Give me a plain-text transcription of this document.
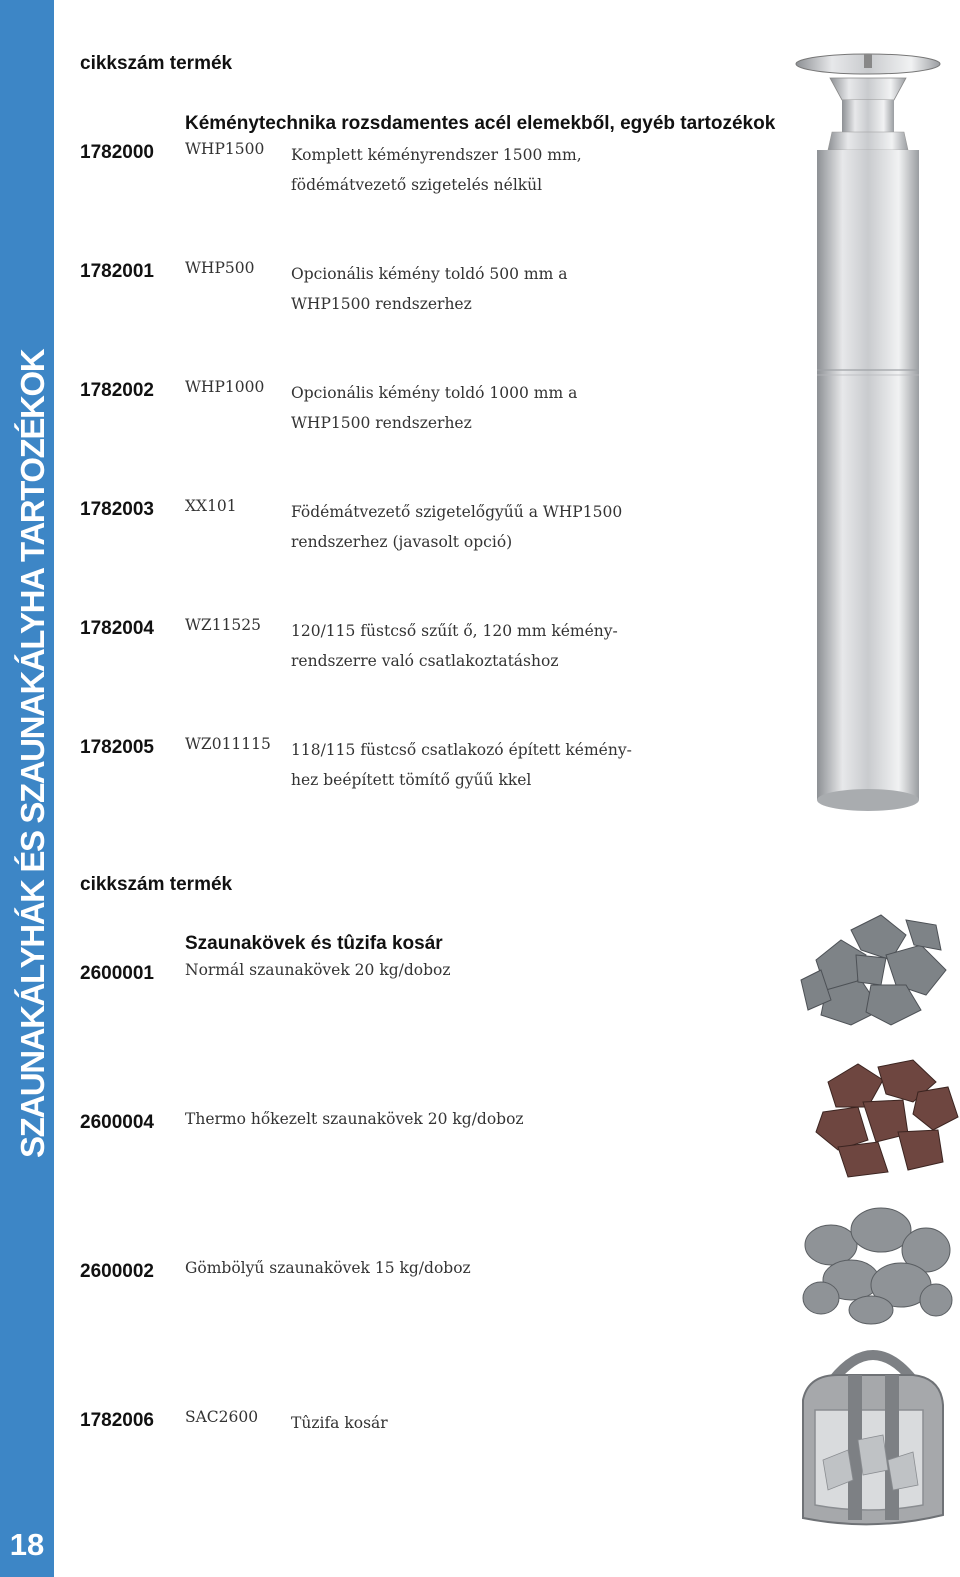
SZAUNAKÁLYHÁK ÉS SZAUNAKÁLYHA TARTOZÉKOK
18
cikkszám termék
Kéménytechnika rozsdamentes acél elemekből, egyéb tartozékok
1782000 WHP1500 Komplett kéményrendszer 1500 mm,
födémátvezető szigetelés nélkül
1782001 WHP500 Opcionális kémény toldó 500 mm a
WHP1500 rendszerhez
1782002 WHP1000 Opcionális kémény toldó 1000 mm a
WHP1500 rendszerhez
1782003 XX101	Födémátvezető szigetelőgyűű a WHP1500
rendszerhez (javasolt opció)
1782004 WZ11525 120/115 füstcső szűít ő, 120 mm kémény-
rendszerre való csatlakoztatáshoz
1782005 WZ011115 118/115 füstcső csatlakozó épített kémény-
hez beépített tömítő gyűű kkel
cikkszám termék
Szaunakövek és tûzifa kosár
2600001 Normál szaunakövek 20 kg/doboz
2600004 Thermo hőkezelt szaunakövek 20 kg/doboz
2600002 Gömbölyű szaunakövek 15 kg/doboz
1782006 SAC2600 Tûzifa kosár
